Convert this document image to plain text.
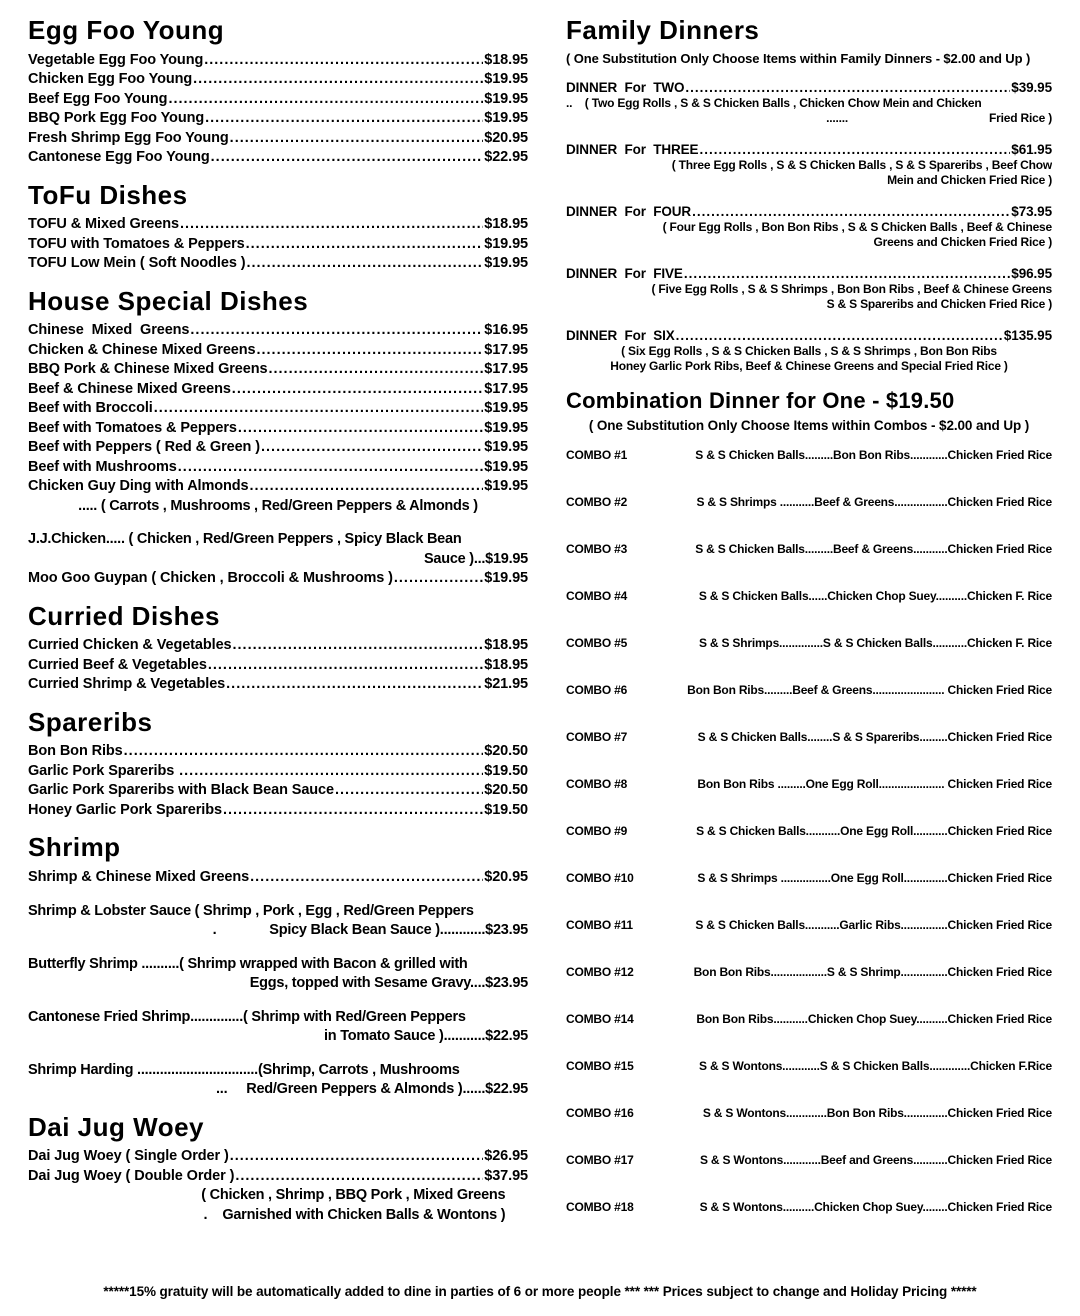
Egg Foo Young
Vegetable Egg Foo Young .....	$18.95
Chicken Egg Foo Young .....	$19.95
Beef Egg Foo Young .....	$19.95
BBQ Pork Egg Foo Young .....	$19.95
Fresh Shrimp Egg Foo Young .....	$20.95
Cantonese Egg Foo Young .....	$22.95
ToFu Dishes
TOFU & Mixed Greens .....	$18.95
TOFU with Tomatoes & Peppers .....	$19.95
TOFU Low Mein ( Soft Noodles ) .....	$19.95
House Special Dishes
Chinese  Mixed  Greens .....	$16.95
Chicken & Chinese Mixed Greens .....	$17.95
BBQ Pork & Chinese Mixed Greens .....	$17.95
Beef & Chinese Mixed Greens .....	$17.95
Beef with Broccoli .....	$19.95
Beef with Tomatoes & Peppers .....	$19.95
Beef with Peppers ( Red & Green ) .....	$19.95
Beef with Mushrooms .....	$19.95
Chicken Guy Ding with Almonds .....	$19.95
..... ( Carrots , Mushrooms , Red/Green Peppers & Almonds )
J.J.Chicken..... ( Chicken , Red/Green Peppers , Spicy Black Bean
Sauce )...$19.95
Moo Goo Guypan ( Chicken , Broccoli & Mushrooms ) .....	$19.95
Curried Dishes
Curried Chicken & Vegetables .....	$18.95
Curried Beef & Vegetables .....	$18.95
Curried Shrimp & Vegetables .....	$21.95
Spareribs
Bon Bon Ribs .....	$20.50
Garlic Pork Spareribs .....	$19.50
Garlic Pork Spareribs with Black Bean Sauce .....	$20.50
Honey Garlic Pork Spareribs .....	$19.50
Shrimp
Shrimp & Chinese Mixed Greens .....	$20.95
Shrimp & Lobster Sauce ( Shrimp , Pork , Egg , Red/Green Peppers
.              Spicy Black Bean Sauce )............$23.95
Butterfly Shrimp ..........( Shrimp wrapped with Bacon & grilled with
Eggs, topped with Sesame Gravy....$23.95
Cantonese Fried Shrimp..............( Shrimp with Red/Green Peppers
in Tomato Sauce )...........$22.95
Shrimp Harding ................................(Shrimp, Carrots , Mushrooms
...     Red/Green Peppers & Almonds )......$22.95
Dai Jug Woey
Dai Jug Woey ( Single Order ) .....	$26.95
Dai Jug Woey ( Double Order ) .....	$37.95
( Chicken , Shrimp , BBQ Pork , Mixed Greens
.    Garnished with Chicken Balls & Wontons )
Family Dinners
( One Substitution Only Choose Items within Family Dinners - $2.00 and Up )
DINNER  For  TWO .....	$39.95
..    ( Two Egg Rolls , S & S Chicken Balls , Chicken Chow Mein and Chicken
.......                                             Fried Rice )
DINNER  For  THREE .....	$61.95
( Three Egg Rolls , S & S Chicken Balls , S & S Spareribs , Beef Chow
Mein and Chicken Fried Rice )
DINNER  For  FOUR .....	$73.95
( Four Egg Rolls , Bon Bon Ribs , S & S Chicken Balls , Beef & Chinese
Greens and Chicken Fried Rice )
DINNER  For  FIVE .....	$96.95
( Five Egg Rolls , S & S Shrimps , Bon Bon Ribs , Beef & Chinese Greens
S & S Spareribs and Chicken Fried Rice )
DINNER  For  SIX .....	$135.95
( Six Egg Rolls , S & S Chicken Balls , S & S Shrimps , Bon Bon Ribs
Honey Garlic Pork Ribs, Beef & Chinese Greens and Special Fried Rice )
Combination Dinner for One - $19.50
( One Substitution Only Choose Items within Combos - $2.00 and Up )
COMBO #1	S & S Chicken Balls.........Bon Bon Ribs............Chicken Fried Rice
COMBO #2	S & S Shrimps ...........Beef & Greens.................Chicken Fried Rice
COMBO #3	S & S Chicken Balls.........Beef & Greens...........Chicken Fried Rice
COMBO #4	S & S Chicken Balls......Chicken Chop Suey..........Chicken F. Rice
COMBO #5	S & S Shrimps..............S & S Chicken Balls...........Chicken F. Rice
COMBO #6	Bon Bon Ribs.........Beef & Greens....................... Chicken Fried Rice
COMBO #7	S & S Chicken Balls........S & S Spareribs.........Chicken Fried Rice
COMBO #8	Bon Bon Ribs .........One Egg Roll..................... Chicken Fried Rice
COMBO #9	S & S Chicken Balls...........One Egg Roll...........Chicken Fried Rice
COMBO #10	S & S Shrimps ................One Egg Roll..............Chicken Fried Rice
COMBO #11	S & S Chicken Balls...........Garlic Ribs...............Chicken Fried Rice
COMBO #12	Bon Bon Ribs..................S & S Shrimp...............Chicken Fried Rice
COMBO #14	Bon Bon Ribs...........Chicken Chop Suey..........Chicken Fried Rice
COMBO #15	S & S Wontons............S & S Chicken Balls.............Chicken F.Rice
COMBO #16	S & S Wontons.............Bon Bon Ribs..............Chicken Fried Rice
COMBO #17	S & S Wontons............Beef and Greens...........Chicken Fried Rice
COMBO #18	S & S Wontons..........Chicken Chop Suey........Chicken Fried Rice
*****15% gratuity will be automatically added to dine in parties of 6 or more people *** *** Prices subject to change and Holiday Pricing *****
